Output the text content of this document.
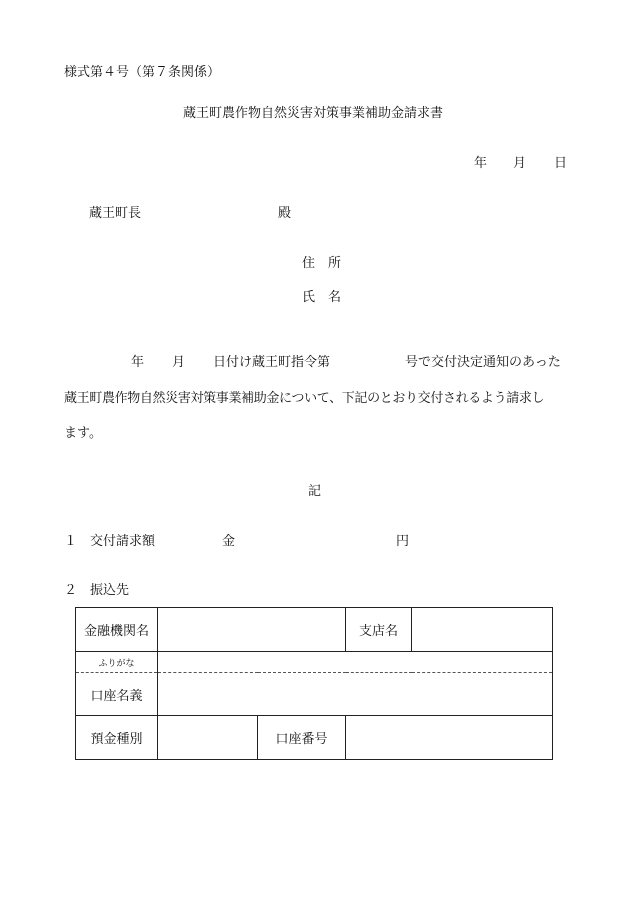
様式第４号（第７条関係）
蔵王町農作物自然災害対策事業補助金請求書
年 月 日
蔵王町長	殿
住　所
氏　名
年 月 日付け蔵王町指令第	号で交付決定通知のあった
蔵王町農作物自然災害対策事業補助金について、下記のとおり交付されるよう請求し
ます。
記
１　交付請求額	金	円
２　振込先
金融機関名			支店名	
ふりがな				
口座名義				
預金種別		口座番号		
